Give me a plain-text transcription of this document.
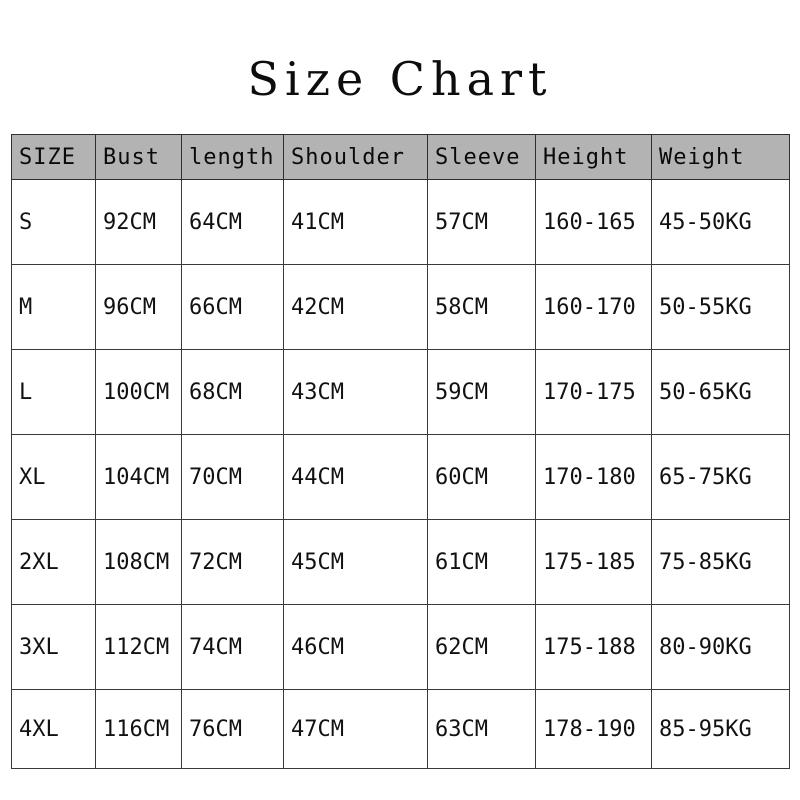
Size Chart
SIZE	Bust	length	Shoulder	Sleeve	Height	Weight
S	92CM	64CM	41CM	57CM	160-165	45-50KG
M	96CM	66CM	42CM	58CM	160-170	50-55KG
L	100CM	68CM	43CM	59CM	170-175	50-65KG
XL	104CM	70CM	44CM	60CM	170-180	65-75KG
2XL	108CM	72CM	45CM	61CM	175-185	75-85KG
3XL	112CM	74CM	46CM	62CM	175-188	80-90KG
4XL	116CM	76CM	47CM	63CM	178-190	85-95KG
